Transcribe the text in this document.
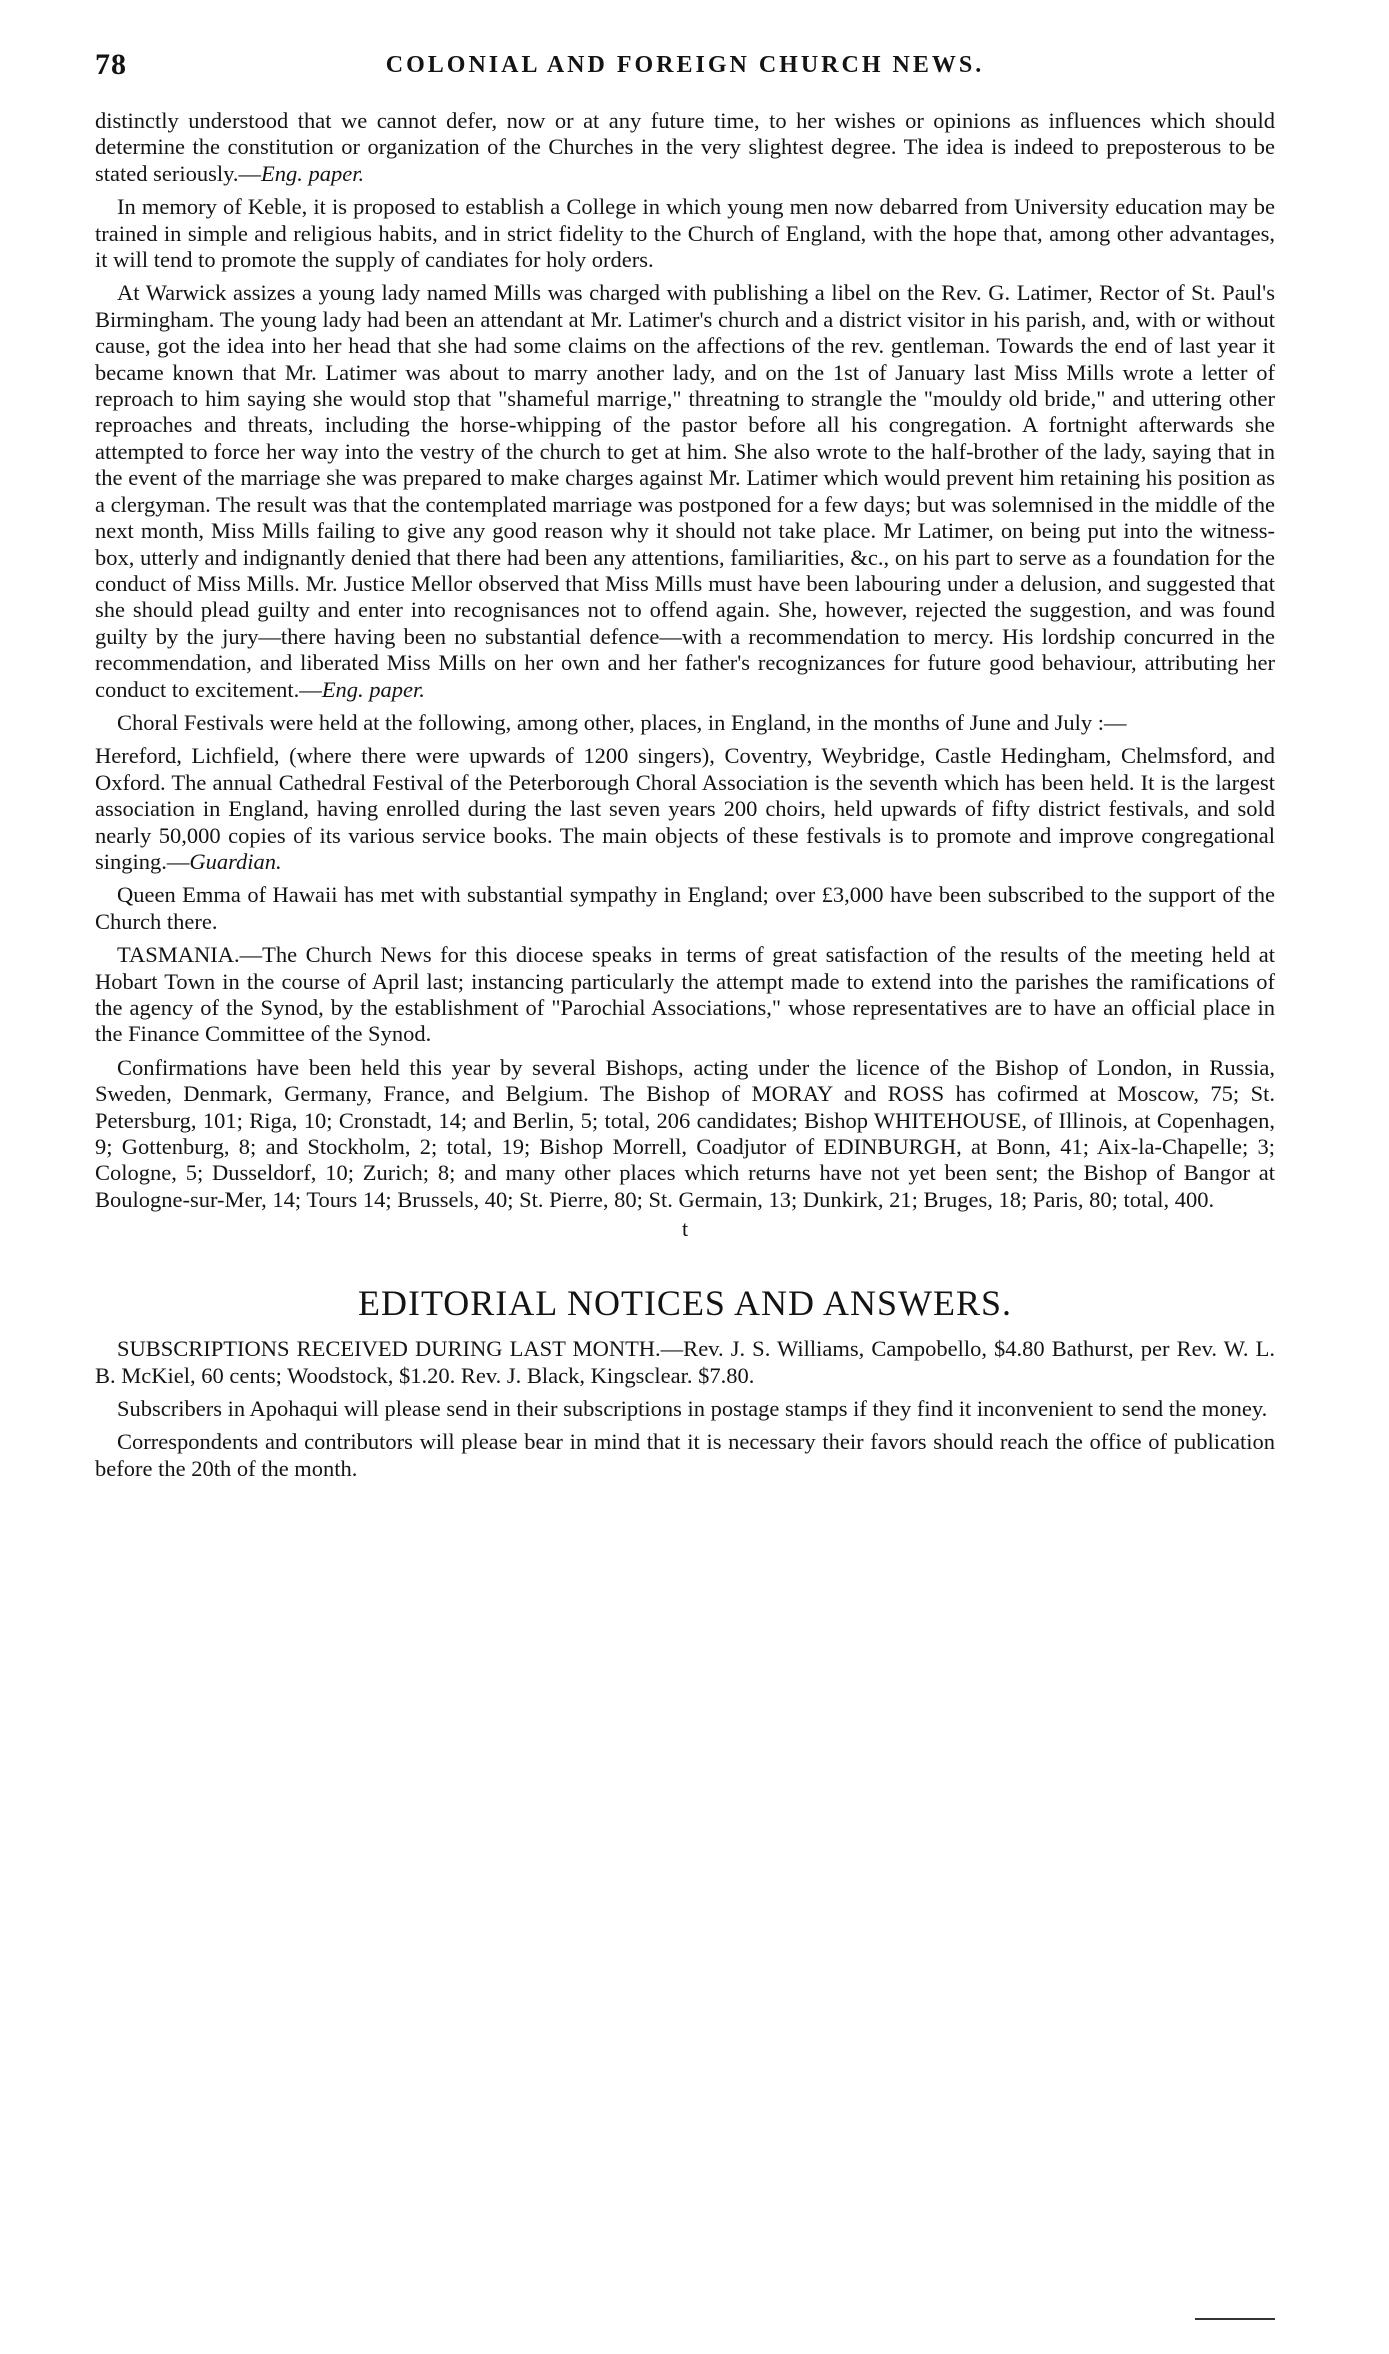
78	COLONIAL AND FOREIGN CHURCH NEWS.

distinctly understood that we cannot defer, now or at any future time, to her wishes or opinions as influences which should determine the constitution or organization of the Churches in the very slightest degree. The idea is indeed to preposterous to be stated seriously.—Eng. paper.

In memory of Keble, it is proposed to establish a College in which young men now debarred from University education may be trained in simple and religious habits, and in strict fidelity to the Church of England, with the hope that, among other advantages, it will tend to promote the supply of candiates for holy orders.

At Warwick assizes a young lady named Mills was charged with publishing a libel on the Rev. G. Latimer, Rector of St. Paul's Birmingham. The young lady had been an attendant at Mr. Latimer's church and a district visitor in his parish, and, with or without cause, got the idea into her head that she had some claims on the affections of the rev. gentleman. Towards the end of last year it became known that Mr. Latimer was about to marry another lady, and on the 1st of January last Miss Mills wrote a letter of reproach to him saying she would stop that "shameful marrige," threatning to strangle the "mouldy old bride," and uttering other reproaches and threats, including the horse-whipping of the pastor before all his congregation. A fortnight afterwards she attempted to force her way into the vestry of the church to get at him. She also wrote to the half-brother of the lady, saying that in the event of the marriage she was prepared to make charges against Mr. Latimer which would prevent him retaining his position as a clergyman. The result was that the contemplated marriage was postponed for a few days; but was solemnised in the middle of the next month, Miss Mills failing to give any good reason why it should not take place. Mr Latimer, on being put into the witness-box, utterly and indignantly denied that there had been any attentions, familiarities, &c., on his part to serve as a foundation for the conduct of Miss Mills. Mr. Justice Mellor observed that Miss Mills must have been labouring under a delusion, and suggested that she should plead guilty and enter into recognisances not to offend again. She, however, rejected the suggestion, and was found guilty by the jury—there having been no substantial defence—with a recommendation to mercy. His lordship concurred in the recommendation, and liberated Miss Mills on her own and her father's recognizances for future good behaviour, attributing her conduct to excitement.—Eng. paper.

Choral Festivals were held at the following, among other, places, in England, in the months of June and July :—

Hereford, Lichfield, (where there were upwards of 1200 singers), Coventry, Weybridge, Castle Hedingham, Chelmsford, and Oxford. The annual Cathedral Festival of the Peterborough Choral Association is the seventh which has been held. It is the largest association in England, having enrolled during the last seven years 200 choirs, held upwards of fifty district festivals, and sold nearly 50,000 copies of its various service books. The main objects of these festivals is to promote and improve congregational singing.—Guardian.

Queen Emma of Hawaii has met with substantial sympathy in England; over £3,000 have been subscribed to the support of the Church there.

TASMANIA.—The Church News for this diocese speaks in terms of great satisfaction of the results of the meeting held at Hobart Town in the course of April last; instancing particularly the attempt made to extend into the parishes the ramifications of the agency of the Synod, by the establishment of "Parochial Associations," whose representatives are to have an official place in the Finance Committee of the Synod.

Confirmations have been held this year by several Bishops, acting under the licence of the Bishop of London, in Russia, Sweden, Denmark, Germany, France, and Belgium. The Bishop of MORAY and ROSS has cofirmed at Moscow, 75; St. Petersburg, 101; Riga, 10; Cronstadt, 14; and Berlin, 5; total, 206 candidates; Bishop WHITEHOUSE, of Illinois, at Copenhagen, 9; Gottenburg, 8; and Stockholm, 2; total, 19; Bishop Morrell, Coadjutor of EDINBURGH, at Bonn, 41; Aix-la-Chapelle; 3; Cologne, 5; Dusseldorf, 10; Zurich; 8; and many other places which returns have not yet been sent; the Bishop of Bangor at Boulogne-sur-Mer, 14; Tours 14; Brussels, 40; St. Pierre, 80; St. Germain, 13; Dunkirk, 21; Bruges, 18; Paris, 80; total, 400.

t
EDITORIAL NOTICES AND ANSWERS.

SUBSCRIPTIONS RECEIVED DURING LAST MONTH.—Rev. J. S. Williams, Campobello, $4.80 Bathurst, per Rev. W. L. B. McKiel, 60 cents; Woodstock, $1.20. Rev. J. Black, Kingsclear. $7.80.

Subscribers in Apohaqui will please send in their subscriptions in postage stamps if they find it inconvenient to send the money.

Correspondents and contributors will please bear in mind that it is necessary their favors should reach the office of publication before the 20th of the month.
